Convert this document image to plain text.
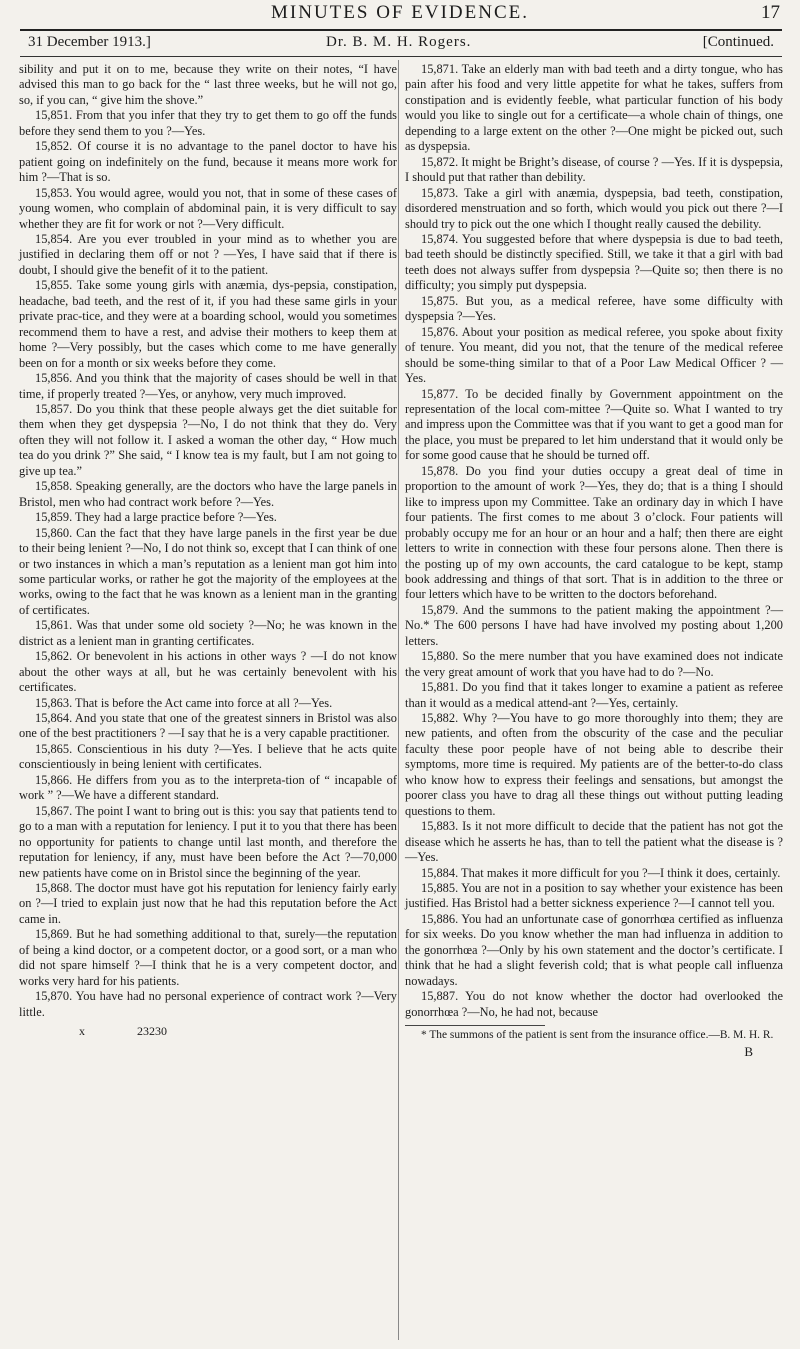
MINUTES OF EVIDENCE.	17
31 December 1913.]	Dr. B. M. H. Rogers.	[Continued.

sibility and put it on to me, because they write on their notes, “I have advised this man to go back for the “ last three weeks, but he will not go, so, if you can, “ give him the shove.”

15,851. From that you infer that they try to get them to go off the funds before they send them to you ?—Yes.

15,852. Of course it is no advantage to the panel doctor to have his patient going on indefinitely on the fund, because it means more work for him ?—That is so.

15,853. You would agree, would you not, that in some of these cases of young women, who complain of abdominal pain, it is very difficult to say whether they are fit for work or not ?—Very difficult.

15,854. Are you ever troubled in your mind as to whether you are justified in declaring them off or not ? —Yes, I have said that if there is doubt, I should give the benefit of it to the patient.

15,855. Take some young girls with anæmia, dys-pepsia, constipation, headache, bad teeth, and the rest of it, if you had these same girls in your private prac-tice, and they were at a boarding school, would you sometimes recommend them to have a rest, and advise their mothers to keep them at home ?—Very possibly, but the cases which come to me have generally been on for a month or six weeks before they come.

15,856. And you think that the majority of cases should be well in that time, if properly treated ?—Yes, or anyhow, very much improved.

15,857. Do you think that these people always get the diet suitable for them when they get dyspepsia ?—No, I do not think that they do. Very often they will not follow it. I asked a woman the other day, “ How much tea do you drink ?” She said, “ I know tea is my fault, but I am not going to give up tea.”

15,858. Speaking generally, are the doctors who have the large panels in Bristol, men who had contract work before ?—Yes.

15,859. They had a large practice before ?—Yes.

15,860. Can the fact that they have large panels in the first year be due to their being lenient ?—No, I do not think so, except that I can think of one or two instances in which a man’s reputation as a lenient man got him into some particular works, or rather he got the majority of the employees at the works, owing to the fact that he was known as a lenient man in the granting of certificates.

15,861. Was that under some old society ?—No; he was known in the district as a lenient man in granting certificates.

15,862. Or benevolent in his actions in other ways ? —I do not know about the other ways at all, but he was certainly benevolent with his certificates.

15,863. That is before the Act came into force at all ?—Yes.

15,864. And you state that one of the greatest sinners in Bristol was also one of the best practitioners ? —I say that he is a very capable practitioner.

15,865. Conscientious in his duty ?—Yes. I believe that he acts quite conscientiously in being lenient with certificates.

15,866. He differs from you as to the interpreta-tion of “ incapable of work ” ?—We have a different standard.

15,867. The point I want to bring out is this: you say that patients tend to go to a man with a reputation for leniency. I put it to you that there has been no opportunity for patients to change until last month, and therefore the reputation for leniency, if any, must have been before the Act ?—70,000 new patients have come on in Bristol since the beginning of the year.

15,868. The doctor must have got his reputation for leniency fairly early on ?—I tried to explain just now that he had this reputation before the Act came in.

15,869. But he had something additional to that, surely—the reputation of being a kind doctor, or a competent doctor, or a good sort, or a man who did not spare himself ?—I think that he is a very competent doctor, and works very hard for his patients.

15,870. You have had no personal experience of contract work ?—Very little.

x	23230

15,871. Take an elderly man with bad teeth and a dirty tongue, who has pain after his food and very little appetite for what he takes, suffers from constipation and is evidently feeble, what particular function of his body would you like to single out for a certificate—a whole chain of things, one depending to a large extent on the other ?—One might be picked out, such as dyspepsia.

15,872. It might be Bright’s disease, of course ? —Yes. If it is dyspepsia, I should put that rather than debility.

15,873. Take a girl with anæmia, dyspepsia, bad teeth, constipation, disordered menstruation and so forth, which would you pick out there ?—I should try to pick out the one which I thought really caused the debility.

15,874. You suggested before that where dyspepsia is due to bad teeth, bad teeth should be distinctly specified. Still, we take it that a girl with bad teeth does not always suffer from dyspepsia ?—Quite so; then there is no difficulty; you simply put dyspepsia.

15,875. But you, as a medical referee, have some difficulty with dyspepsia ?—Yes.

15,876. About your position as medical referee, you spoke about fixity of tenure. You meant, did you not, that the tenure of the medical referee should be some-thing similar to that of a Poor Law Medical Officer ? —Yes.

15,877. To be decided finally by Government appointment on the representation of the local com-mittee ?—Quite so. What I wanted to try and impress upon the Committee was that if you want to get a good man for the place, you must be prepared to let him understand that it would only be for some good cause that he should be turned off.

15,878. Do you find your duties occupy a great deal of time in proportion to the amount of work ?—Yes, they do; that is a thing I should like to impress upon my Committee. Take an ordinary day in which I have four patients. The first comes to me about 3 o’clock. Four patients will probably occupy me for an hour or an hour and a half; then there are eight letters to write in connection with these four persons alone. Then there is the posting up of my own accounts, the card catalogue to be kept, stamp book addressing and things of that sort. That is in addition to the three or four letters which have to be written to the doctors beforehand.

15,879. And the summons to the patient making the appointment ?—No.* The 600 persons I have had have involved my posting about 1,200 letters.

15,880. So the mere number that you have examined does not indicate the very great amount of work that you have had to do ?—No.

15,881. Do you find that it takes longer to examine a patient as referee than it would as a medical attend-ant ?—Yes, certainly.

15,882. Why ?—You have to go more thoroughly into them; they are new patients, and often from the obscurity of the case and the peculiar faculty these poor people have of not being able to describe their symptoms, more time is required. My patients are of the better-to-do class who know how to express their feelings and sensations, but amongst the poorer class you have to drag all these things out without putting leading questions to them.

15,883. Is it not more difficult to decide that the patient has not got the disease which he asserts he has, than to tell the patient what the disease is ?—Yes.

15,884. That makes it more difficult for you ?—I think it does, certainly.

15,885. You are not in a position to say whether your existence has been justified. Has Bristol had a better sickness experience ?—I cannot tell you.

15,886. You had an unfortunate case of gonorrhœa certified as influenza for six weeks. Do you know whether the man had influenza in addition to the gonorrhœa ?—Only by his own statement and the doctor’s certificate. I think that he had a slight feverish cold; that is what people call influenza nowadays.

15,887. You do not know whether the doctor had overlooked the gonorrhœa ?—No, he had not, because

* The summons of the patient is sent from the insurance office.—B. M. H. R.

B
